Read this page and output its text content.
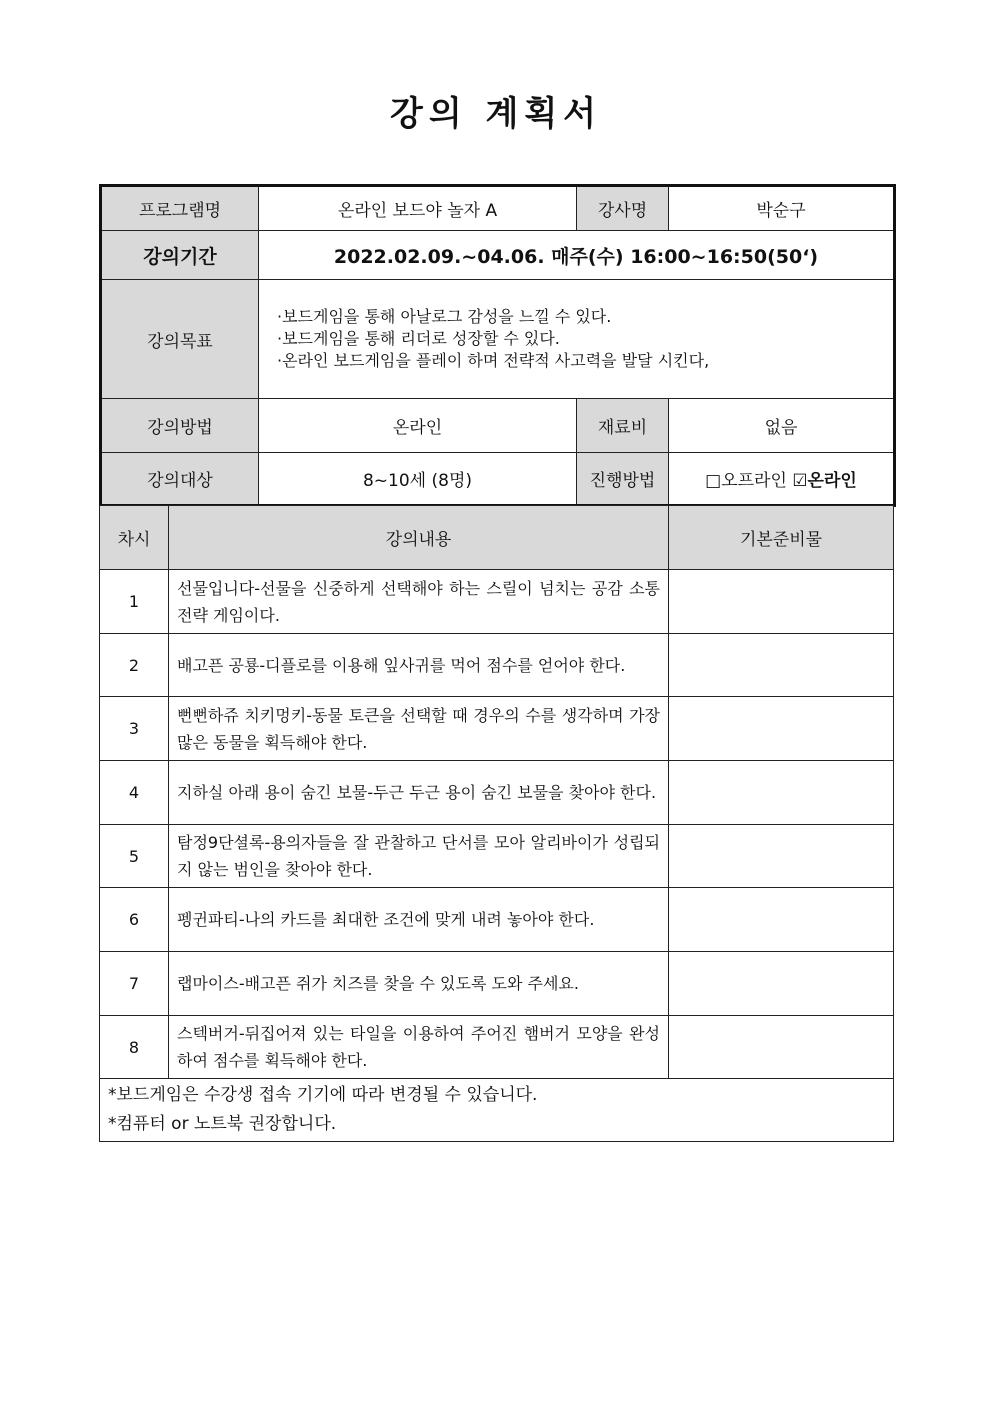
강의 계획서
프로그램명	온라인 보드야 놀자 A	강사명	박순구
강의기간	2022.02.09.~04.06. 매주(수) 16:00~16:50(50‘)		
강의목표	·보드게임을 통해 아날로그 감성을 느낄 수 있다.
·보드게임을 통해 리더로 성장할 수 있다.
·온라인 보드게임을 플레이 하며 전략적 사고력을 발달 시킨다,		

강의방법	온라인	재료비	없음
강의대상	8~10세 (8명)	진행방법	□오프라인 ☑온라인
차시	강의내용	기본준비물
1	선물입니다-선물을 신중하게 선택해야 하는 스릴이 넘치는 공감 소통 전략 게임이다.	
2	배고픈 공룡-디플로를 이용해 잎사귀를 먹어 점수를 얻어야 한다.	
3	뻔뻔하쥬 치키멍키-동물 토큰을 선택할 때 경우의 수를 생각하며 가장 많은 동물을 획득해야 한다.	
4	지하실 아래 용이 숨긴 보물-두근 두근 용이 숨긴 보물을 찾아야 한다.	
5	탐정9단셜록-용의자들을 잘 관찰하고 단서를 모아 알리바이가 성립되지 않는 범인을 찾아야 한다.	
6	펭귄파티-나의 카드를 최대한 조건에 맞게 내려 놓아야 한다.	
7	랩마이스-배고픈 쥐가 치즈를 찾을 수 있도록 도와 주세요.	
8	스텍버거-뒤집어져 있는 타일을 이용하여 주어진 햄버거 모양을 완성하여 점수를 획득해야 한다.	

*보드게임은 수강생 접속 기기에 따라 변경될 수 있습니다.
*컴퓨터 or 노트북 권장합니다.		
